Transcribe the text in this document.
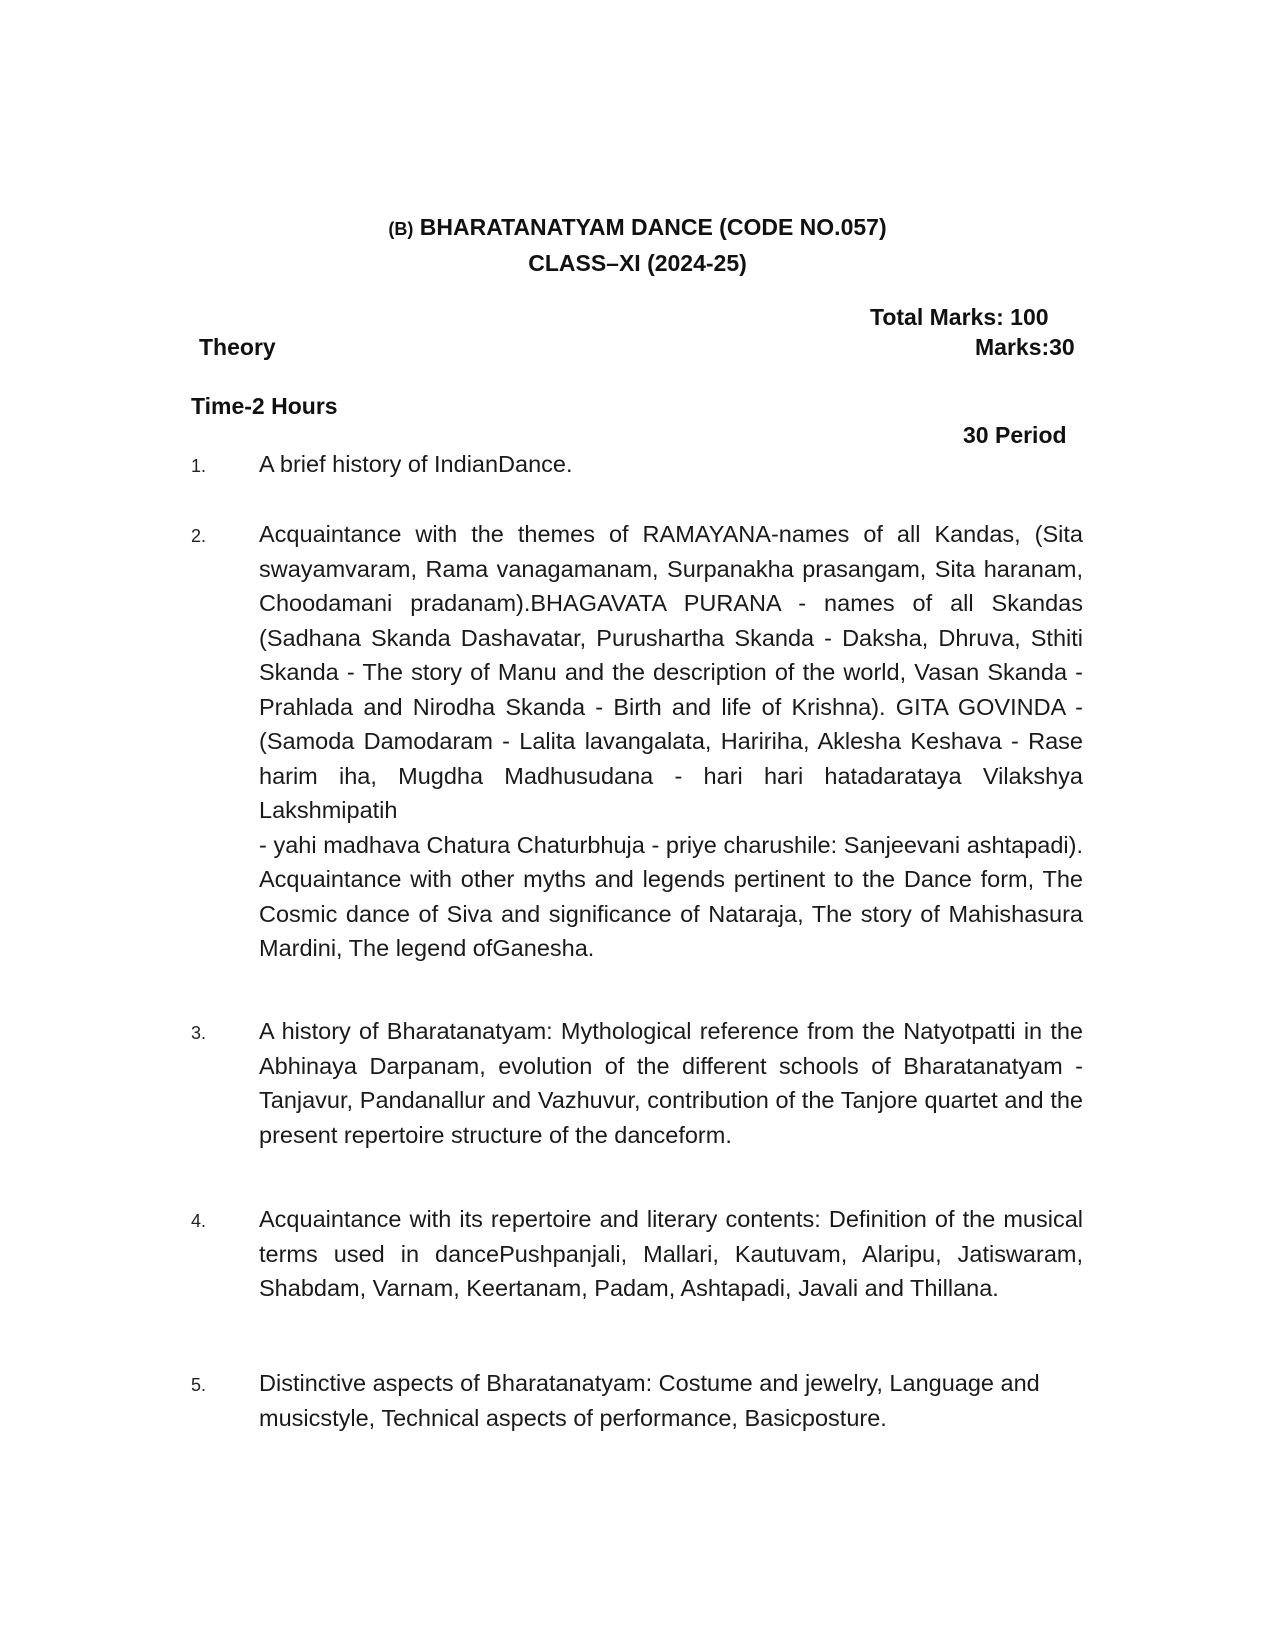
(B) BHARATANATYAM DANCE (CODE NO.057)
CLASS–XI (2024-25)
Total Marks: 100
Theory	Marks:30
Time-2 Hours
30 Period
1. A brief history of IndianDance.

2. Acquaintance with the themes of RAMAYANA-names of all Kandas, (Sita swayamvaram, Rama vanagamanam, Surpanakha prasangam, Sita haranam, Choodamani pradanam).BHAGAVATA PURANA - names of all Skandas (Sadhana Skanda Dashavatar, Purushartha Skanda - Daksha, Dhruva, Sthiti Skanda - The story of Manu and the description of the world, Vasan Skanda - Prahlada and Nirodha Skanda - Birth and life of Krishna). GITA GOVINDA - (Samoda Damodaram - Lalita lavangalata, Haririha, Aklesha Keshava - Rase harim iha, Mugdha Madhusudana - hari hari hatadarataya Vilakshya Lakshmipatih

- yahi madhava Chatura Chaturbhuja - priye charushile: Sanjeevani ashtapadi). Acquaintance with other myths and legends pertinent to the Dance form, The Cosmic dance of Siva and significance of Nataraja, The story of Mahishasura Mardini, The legend ofGanesha.

3. A history of Bharatanatyam: Mythological reference from the Natyotpatti in the Abhinaya Darpanam, evolution of the different schools of Bharatanatyam - Tanjavur, Pandanallur and Vazhuvur, contribution of the Tanjore quartet and the present repertoire structure of the danceform.

4. Acquaintance with its repertoire and literary contents: Definition of the musical terms used in dancePushpanjali, Mallari, Kautuvam, Alaripu, Jatiswaram, Shabdam, Varnam, Keertanam, Padam, Ashtapadi, Javali and Thillana.

5. Distinctive aspects of Bharatanatyam: Costume and jewelry, Language and musicstyle, Technical aspects of performance, Basicposture.
